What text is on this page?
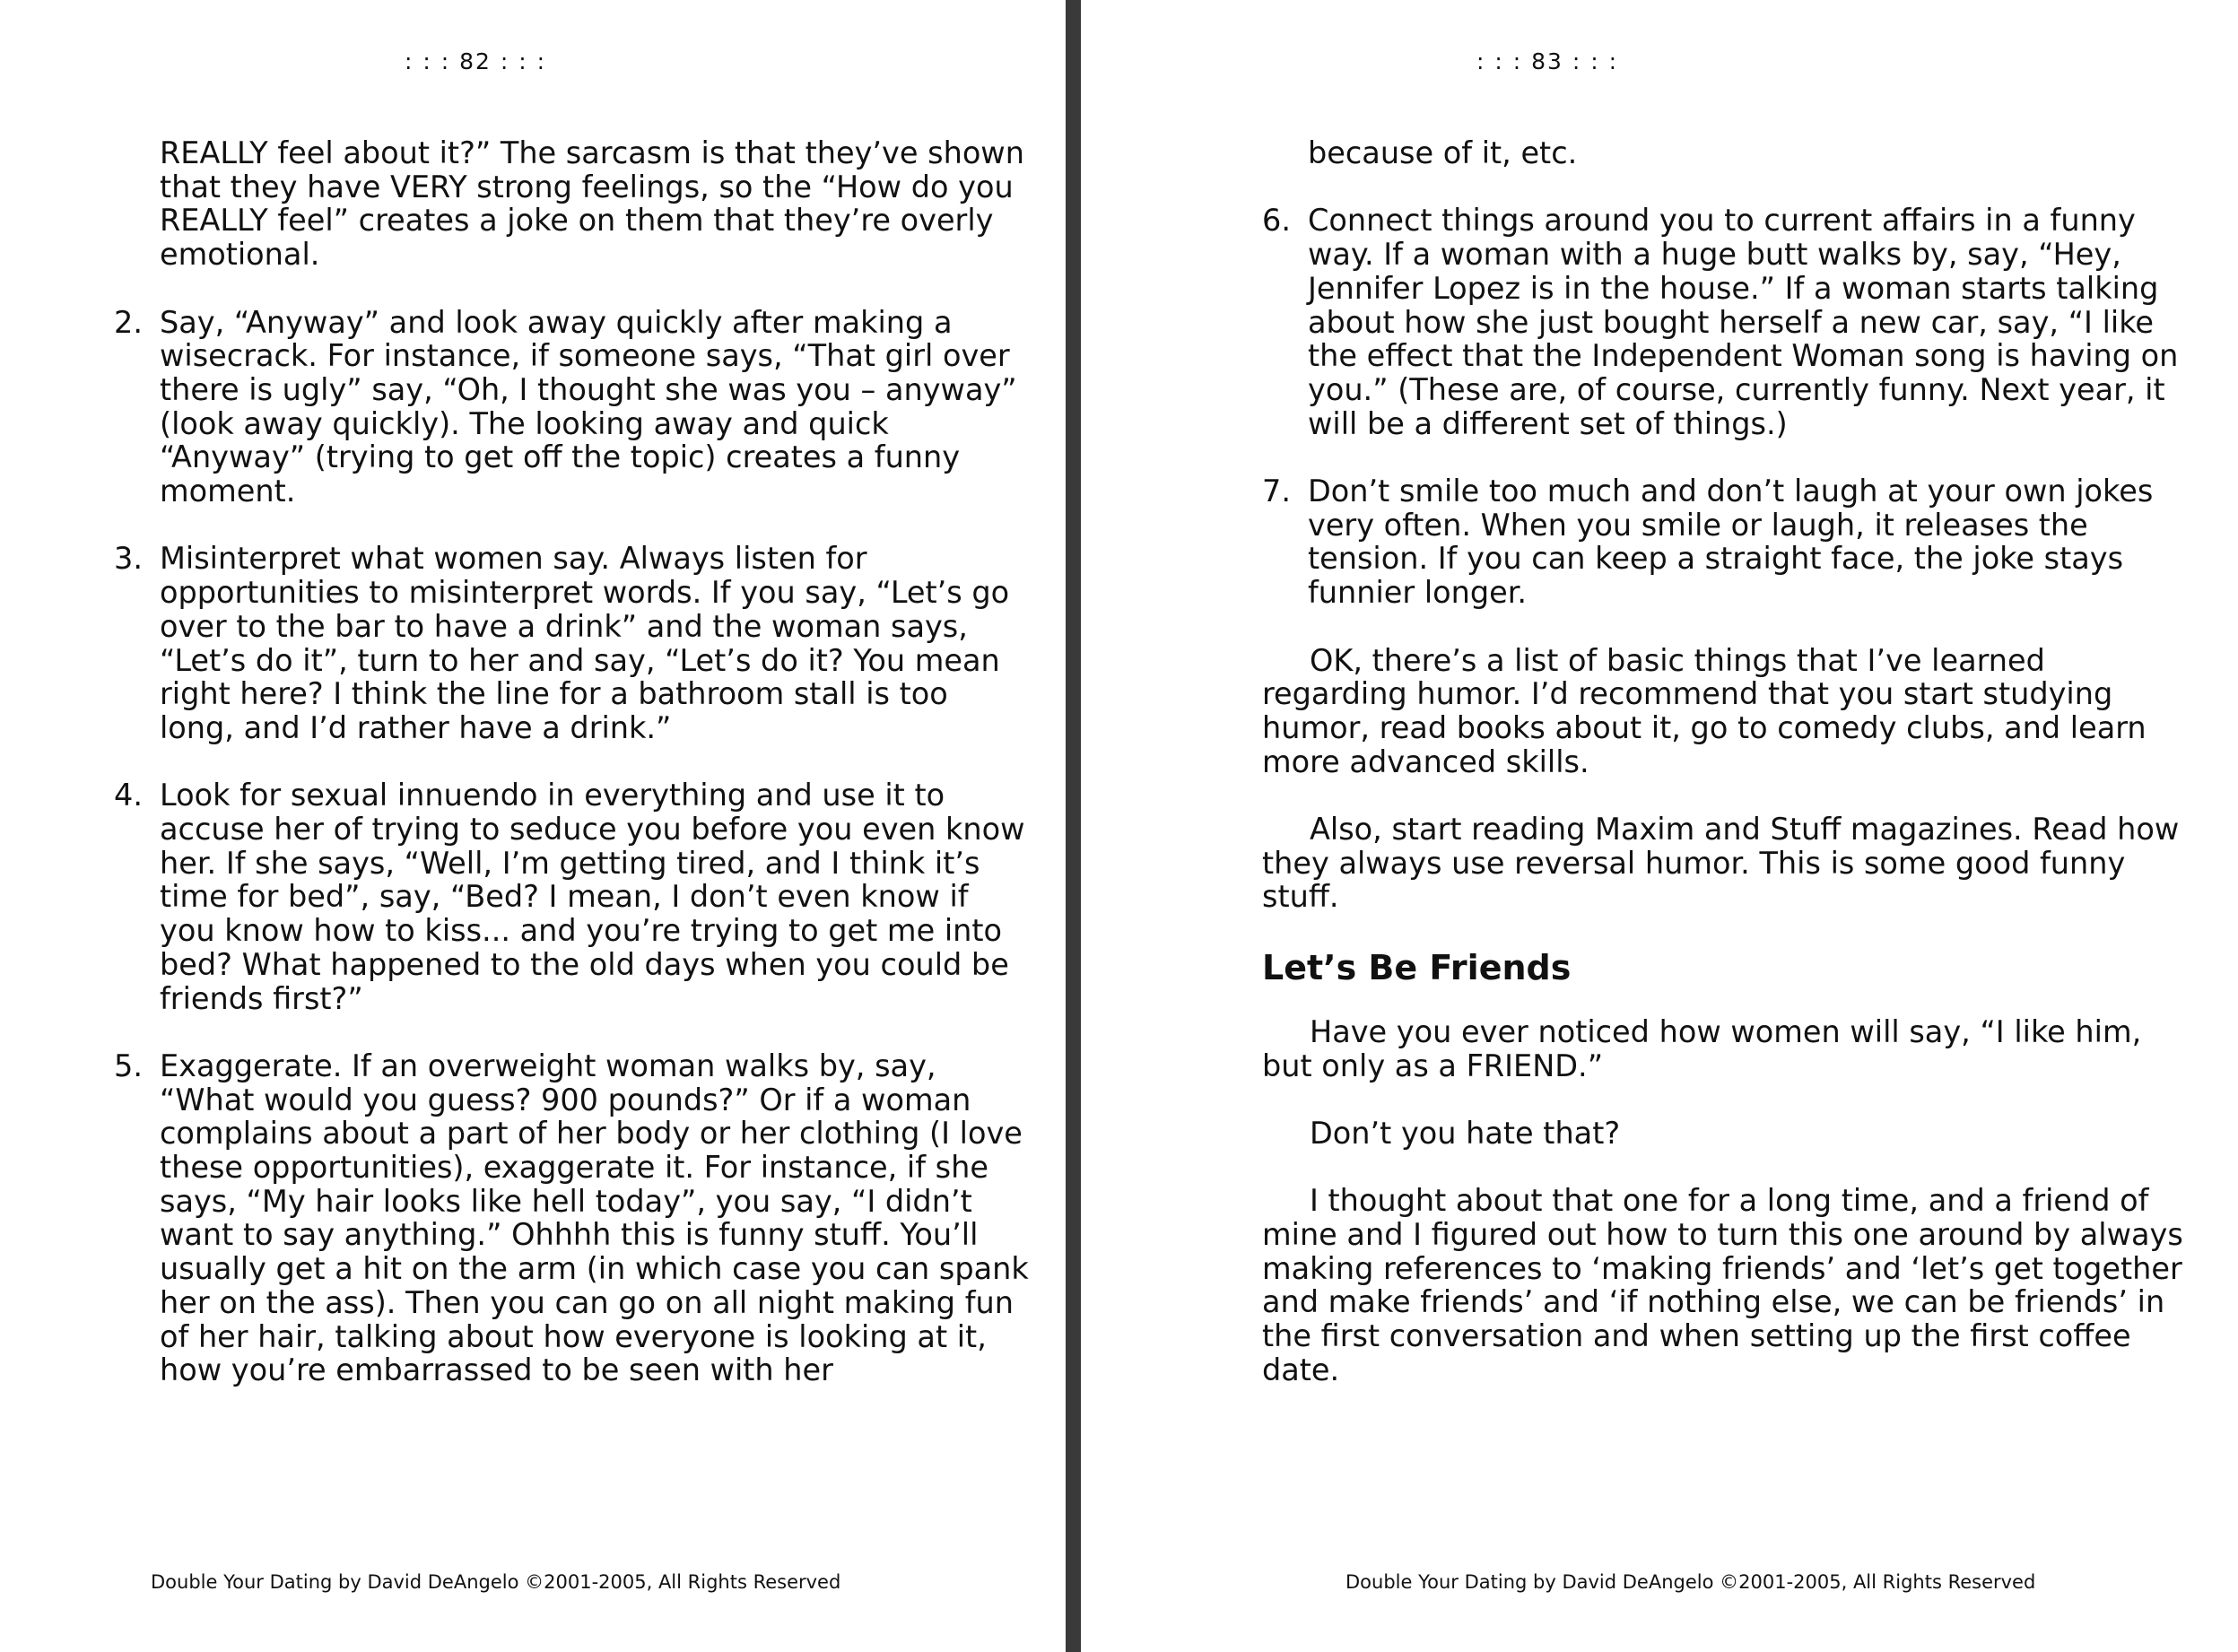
: : : 82 : : :

REALLY feel about it?” The sarcasm is that they’ve shown that they have VERY strong feelings, so the “How do you REALLY feel” creates a joke on them that they’re overly emotional.

2. Say, “Anyway” and look away quickly after making a wisecrack. For instance, if someone says, “That girl over there is ugly” say, “Oh, I thought she was you – anyway” (look away quickly). The looking away and quick “Anyway” (trying to get off the topic) creates a funny moment.
3. Misinterpret what women say. Always listen for opportunities to misinterpret words. If you say, “Let’s go over to the bar to have a drink” and the woman says, “Let’s do it”, turn to her and say, “Let’s do it? You mean right here? I think the line for a bathroom stall is too long, and I’d rather have a drink.”
4. Look for sexual innuendo in everything and use it to accuse her of trying to seduce you before you even know her. If she says, “Well, I’m getting tired, and I think it’s time for bed”, say, “Bed? I mean, I don’t even know if you know how to kiss... and you’re trying to get me into bed? What happened to the old days when you could be friends first?”
5. Exaggerate. If an overweight woman walks by, say, “What would you guess? 900 pounds?” Or if a woman complains about a part of her body or her clothing (I love these opportunities), exaggerate it. For instance, if she says, “My hair looks like hell today”, you say, “I didn’t want to say anything.” Ohhhh this is funny stuff. You’ll usually get a hit on the arm (in which case you can spank her on the ass). Then you can go on all night making fun of her hair, talking about how everyone is looking at it, how you’re embarrassed to be seen with her
Double Your Dating by David DeAngelo ©2001-2005, All Rights Reserved
: : : 83 : : :

because of it, etc.

6. Connect things around you to current affairs in a funny way. If a woman with a huge butt walks by, say, “Hey, Jennifer Lopez is in the house.” If a woman starts talking about how she just bought herself a new car, say, “I like the effect that the Independent Woman song is having on you.” (These are, of course, currently funny. Next year, it will be a different set of things.)
7. Don’t smile too much and don’t laugh at your own jokes very often. When you smile or laugh, it releases the tension. If you can keep a straight face, the joke stays funnier longer.

OK, there’s a list of basic things that I’ve learned regarding humor. I’d recommend that you start studying humor, read books about it, go to comedy clubs, and learn more advanced skills.

Also, start reading Maxim and Stuff magazines. Read how they always use reversal humor. This is some good funny stuff.

Let’s Be Friends

Have you ever noticed how women will say, “I like him, but only as a FRIEND.”

Don’t you hate that?

I thought about that one for a long time, and a friend of mine and I figured out how to turn this one around by always making references to ‘making friends’ and ‘let’s get together and make friends’ and ‘if nothing else, we can be friends’ in the first conversation and when setting up the first coffee date.

Double Your Dating by David DeAngelo ©2001-2005, All Rights Reserved
